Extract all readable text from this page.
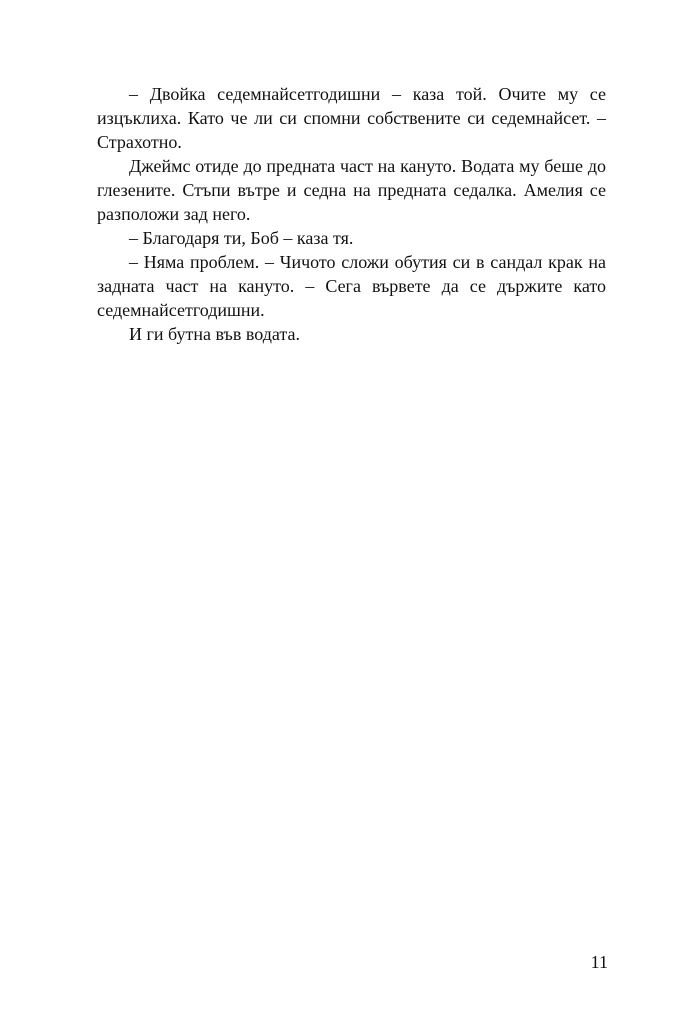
– Двойка седемнайсетгодишни – каза той. Очите му се изцъклиха. Като че ли си спомни собствените си седемнайсет. – Страхотно.

Джеймс отиде до предната част на кануто. Водата му беше до глезените. Стъпи вътре и седна на предната седалка. Амелия се разположи зад него.

– Благодаря ти, Боб – каза тя.

– Няма проблем. – Чичото сложи обутия си в сандал крак на задната част на кануто. – Сега вървете да се държите като седемнайсетгодишни.

И ги бутна във водата.

11
